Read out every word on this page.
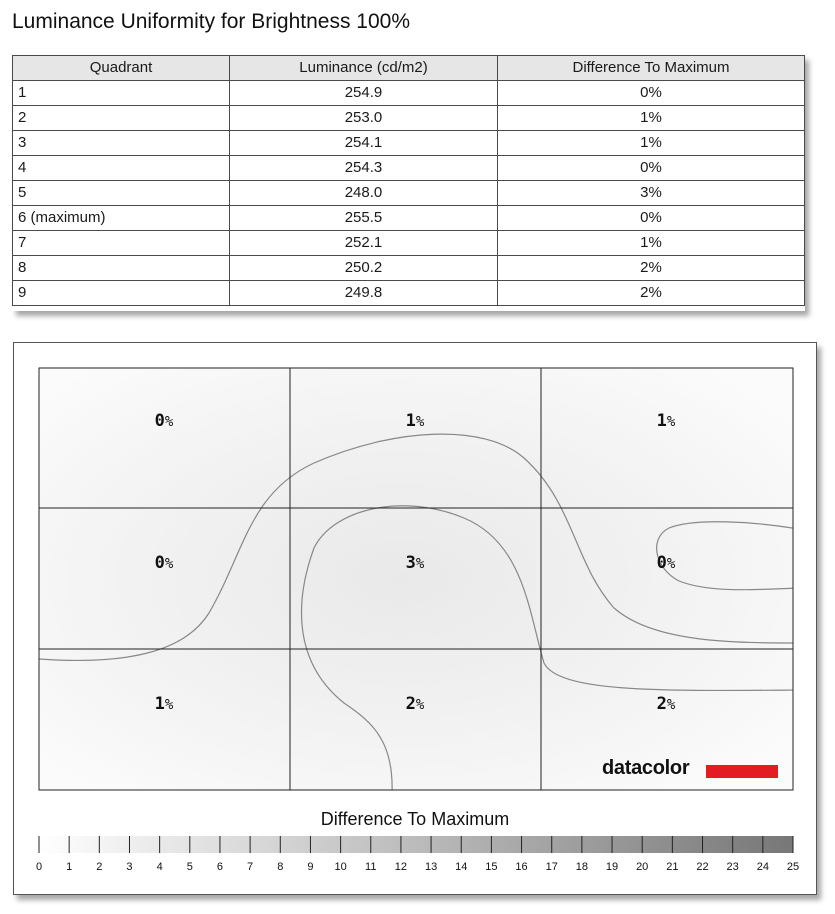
Luminance Uniformity for Brightness 100%
Quadrant	Luminance (cd/m2)	Difference To Maximum
1	254.9	0%
2	253.0	1%
3	254.1	1%
4	254.3	0%
5	248.0	3%
6 (maximum)	255.5	0%
7	252.1	1%
8	250.2	2%
9	249.8	2%
0%	1%	1%
0%	3%	0%
1%	2%	2%
datacolor
Difference To Maximum
0	1	2	3	4	5	6	7	8	9	10	11	12	13	14	15	16	17	18	19	20	21	22	23	24	25
